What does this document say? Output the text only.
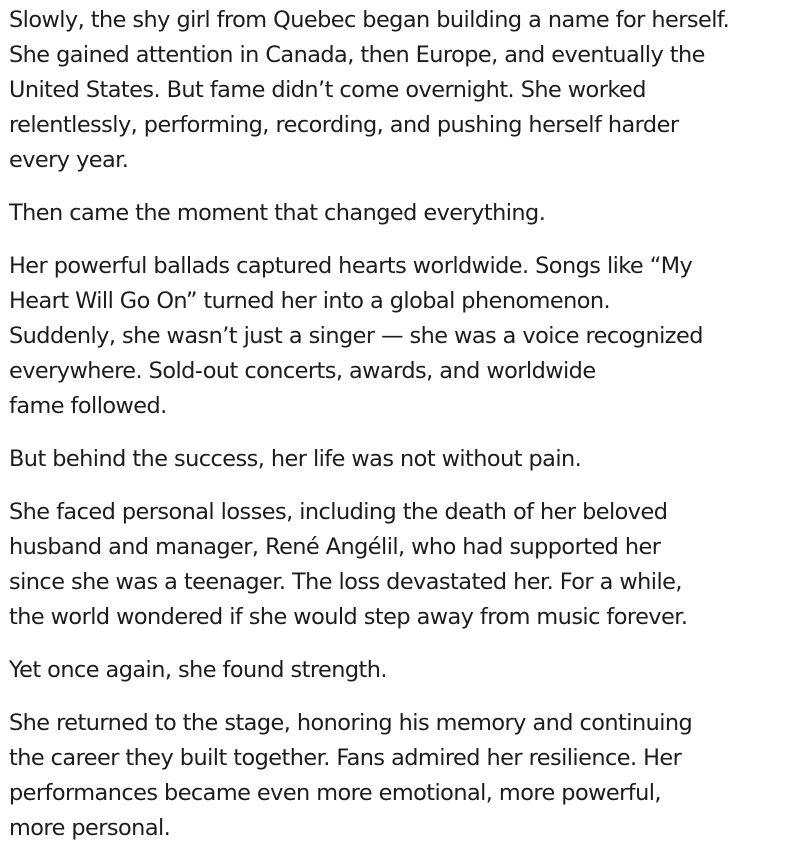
Slowly, the shy girl from Quebec began building a name for herself.
She gained attention in Canada, then Europe, and eventually the
United States. But fame didn’t come overnight. She worked
relentlessly, performing, recording, and pushing herself harder
every year.

Then came the moment that changed everything.

Her powerful ballads captured hearts worldwide. Songs like “My
Heart Will Go On” turned her into a global phenomenon.
Suddenly, she wasn’t just a singer — she was a voice recognized
everywhere. Sold-out concerts, awards, and worldwide
fame followed.

But behind the success, her life was not without pain.

She faced personal losses, including the death of her beloved
husband and manager, René Angélil, who had supported her
since she was a teenager. The loss devastated her. For a while,
the world wondered if she would step away from music forever.

Yet once again, she found strength.

She returned to the stage, honoring his memory and continuing
the career they built together. Fans admired her resilience. Her
performances became even more emotional, more powerful,
more personal.
